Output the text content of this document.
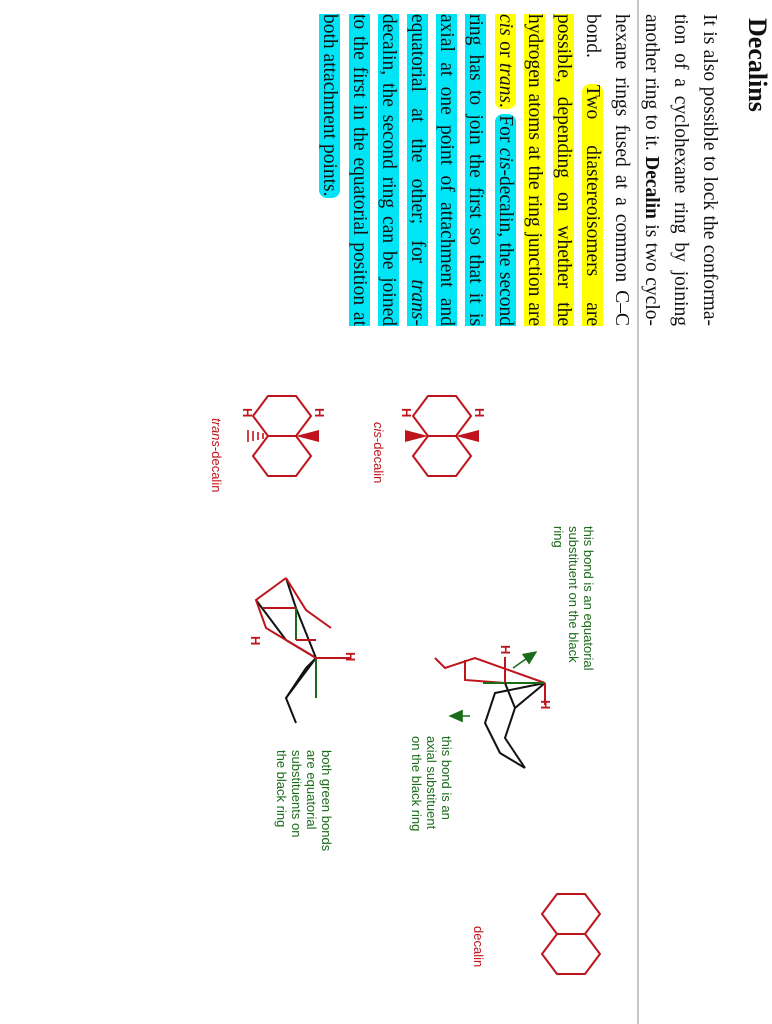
Decalins
It is also possible to lock the conforma-tion of a cyclohexane ring by joining another ring to it. Decalin is two cyclo-hexane rings fused at a common C–C bond. Two diastereoisomers are possible, depending on whether the hydrogen atoms at the ring junction are cis or trans. For cis-decalin, the second ring has to join the first so that it is axial at one point of attachment and equatorial at the other; for trans-decalin, the second ring can be joined to the first in the equatorial position at both attachment points.
H
H
H
H
H
H
H
H
cis-decalin
trans-decalin
decalin
this bond is an equatorial
substituent on the black
ring
this bond is an
axial substituent
on the black ring
both green bonds
are equatorial
substituents on
the black ring
